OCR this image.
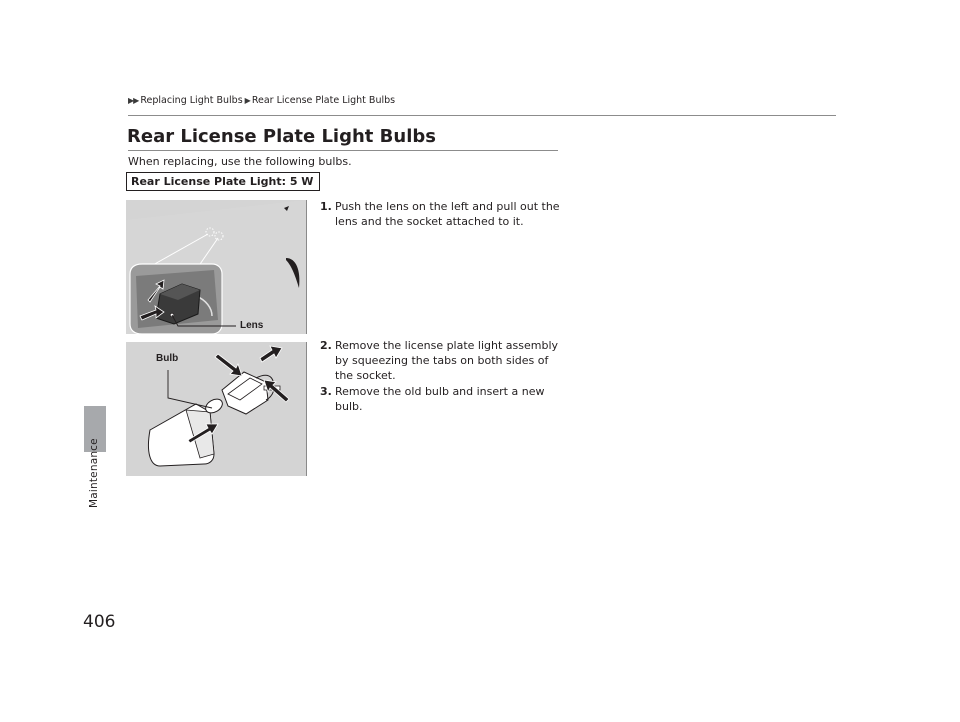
▶ ▶ Replacing Light Bulbs ▶ Rear License Plate Light Bulbs
Maintenance
406
Rear License Plate Light Bulbs
When replacing, use the following bulbs.
Rear License Plate Light: 5 W
Lens
Bulb
1. Push the lens on the left and pull out the lens and the socket attached to it.
2. Remove the license plate light assembly by squeezing the tabs on both sides of the socket.
3. Remove the old bulb and insert a new bulb.
